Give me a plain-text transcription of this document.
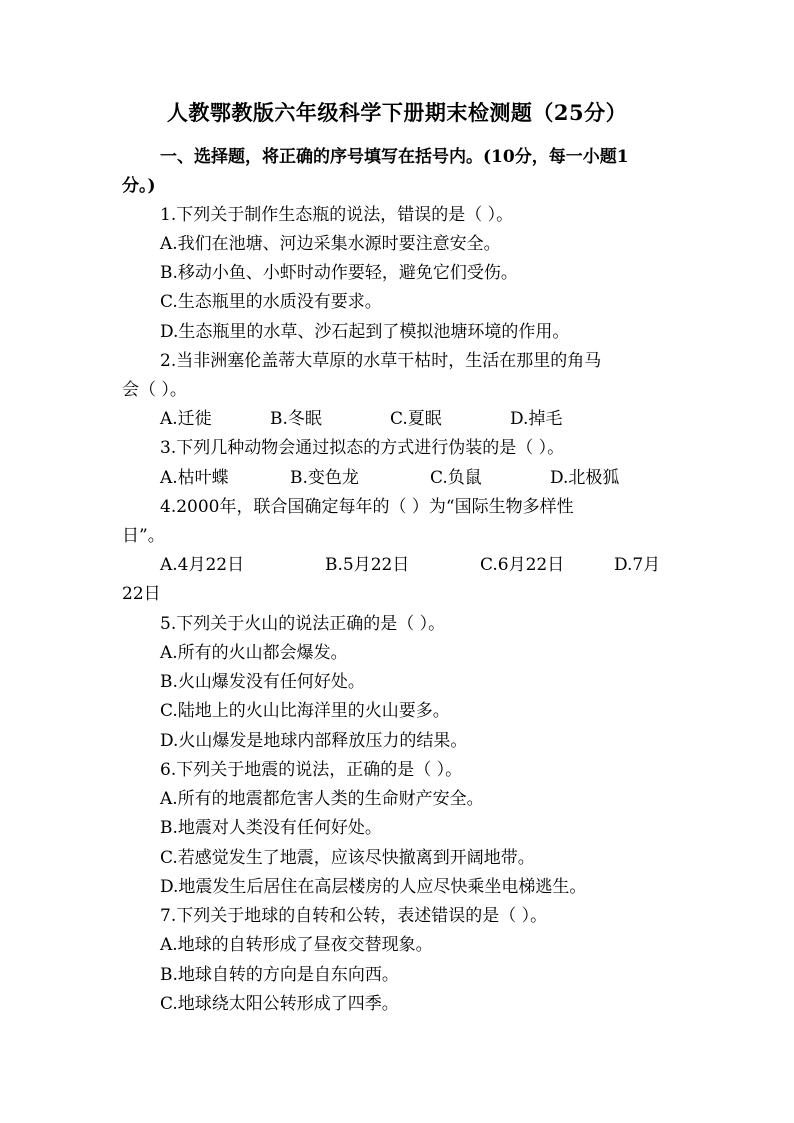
人教鄂教版六年级科学下册期末检测题（25分）
一、选择题，将正确的序号填写在括号内。(10分，每一小题1
分。)
1.下列关于制作生态瓶的说法，错误的是（ ）。
A.我们在池塘、河边采集水源时要注意安全。
B.移动小鱼、小虾时动作要轻，避免它们受伤。
C.生态瓶里的水质没有要求。
D.生态瓶里的水草、沙石起到了模拟池塘环境的作用。
2.当非洲塞伦盖蒂大草原的水草干枯时，生活在那里的角马
会（ ）。
A.迁徙	B.冬眠	C.夏眠	D.掉毛
3.下列几种动物会通过拟态的方式进行伪装的是（ ）。
A.枯叶蝶	B.变色龙	C.负鼠	D.北极狐
4.2000年，联合国确定每年的（ ）为“国际生物多样性
日”。
A.4月22日	B.5月22日	C.6月22日	D.7月
22日
5.下列关于火山的说法正确的是（ ）。
A.所有的火山都会爆发。
B.火山爆发没有任何好处。
C.陆地上的火山比海洋里的火山要多。
D.火山爆发是地球内部释放压力的结果。
6.下列关于地震的说法，正确的是（ ）。
A.所有的地震都危害人类的生命财产安全。
B.地震对人类没有任何好处。
C.若感觉发生了地震，应该尽快撤离到开阔地带。
D.地震发生后居住在高层楼房的人应尽快乘坐电梯逃生。
7.下列关于地球的自转和公转，表述错误的是（ ）。
A.地球的自转形成了昼夜交替现象。
B.地球自转的方向是自东向西。
C.地球绕太阳公转形成了四季。
